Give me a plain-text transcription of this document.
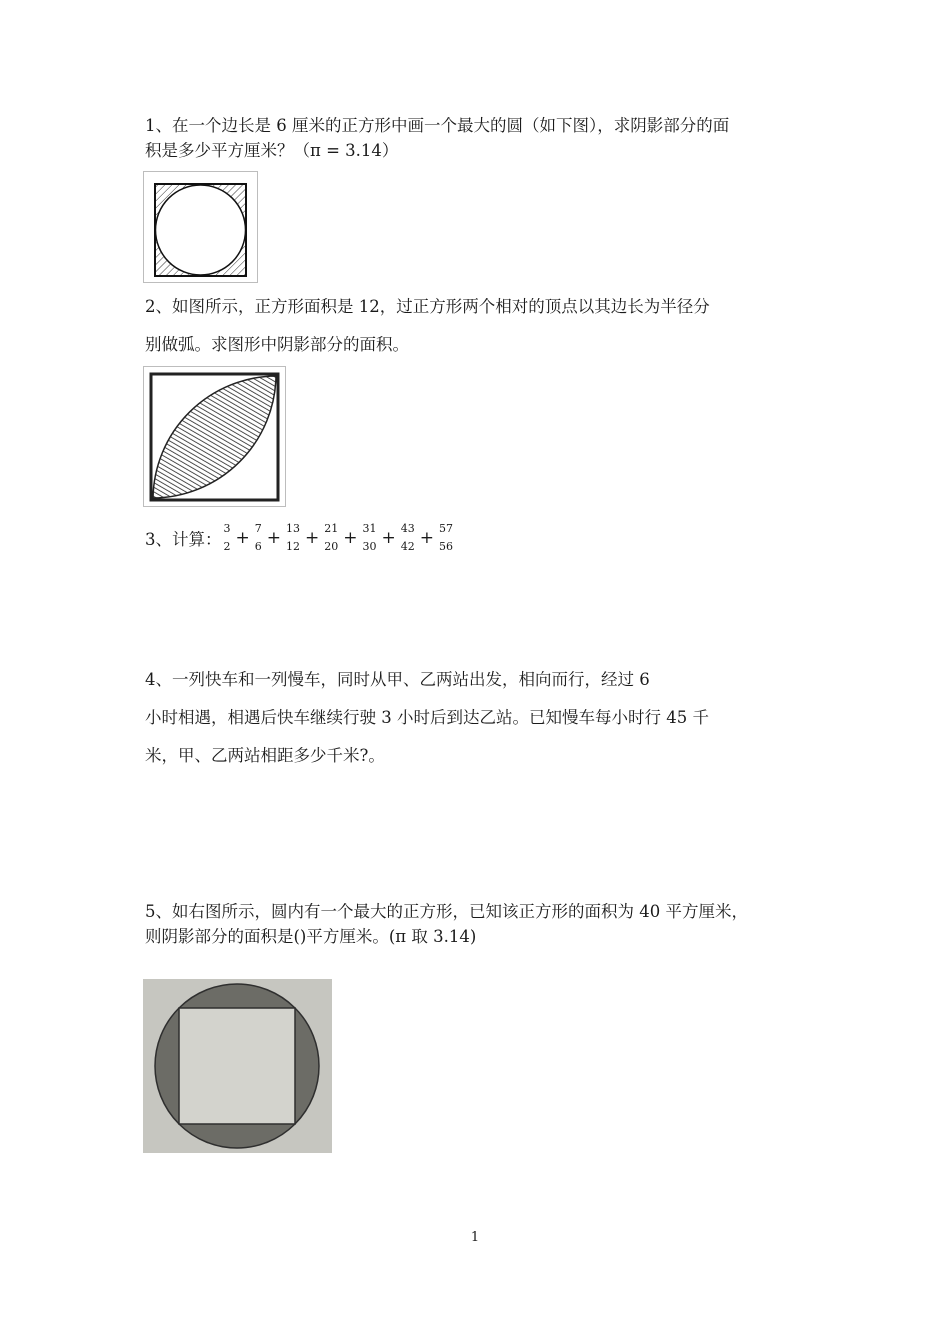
1、在一个边长是 6 厘米的正方形中画一个最大的圆（如下图），求阴影部分的面

积是多少平方厘米？（π = 3.14）

2、如图所示，正方形面积是 12，过正方形两个相对的顶点以其边长为半径分

别做弧。求图形中阴影部分的面积。

3、计算：
3
2 + 7
6 + 13
12 + 21
20 + 31
30 + 43
42 + 57
56

4、一列快车和一列慢车，同时从甲、乙两站出发，相向而行，经过 6

小时相遇，相遇后快车继续行驶 3 小时后到达乙站。已知慢车每小时行 45 千

米，甲、乙两站相距多少千米?。

5、如右图所示，圆内有一个最大的正方形，已知该正方形的面积为 40 平方厘米，

则阴影部分的面积是()平方厘米。(π 取 3.14)

1
